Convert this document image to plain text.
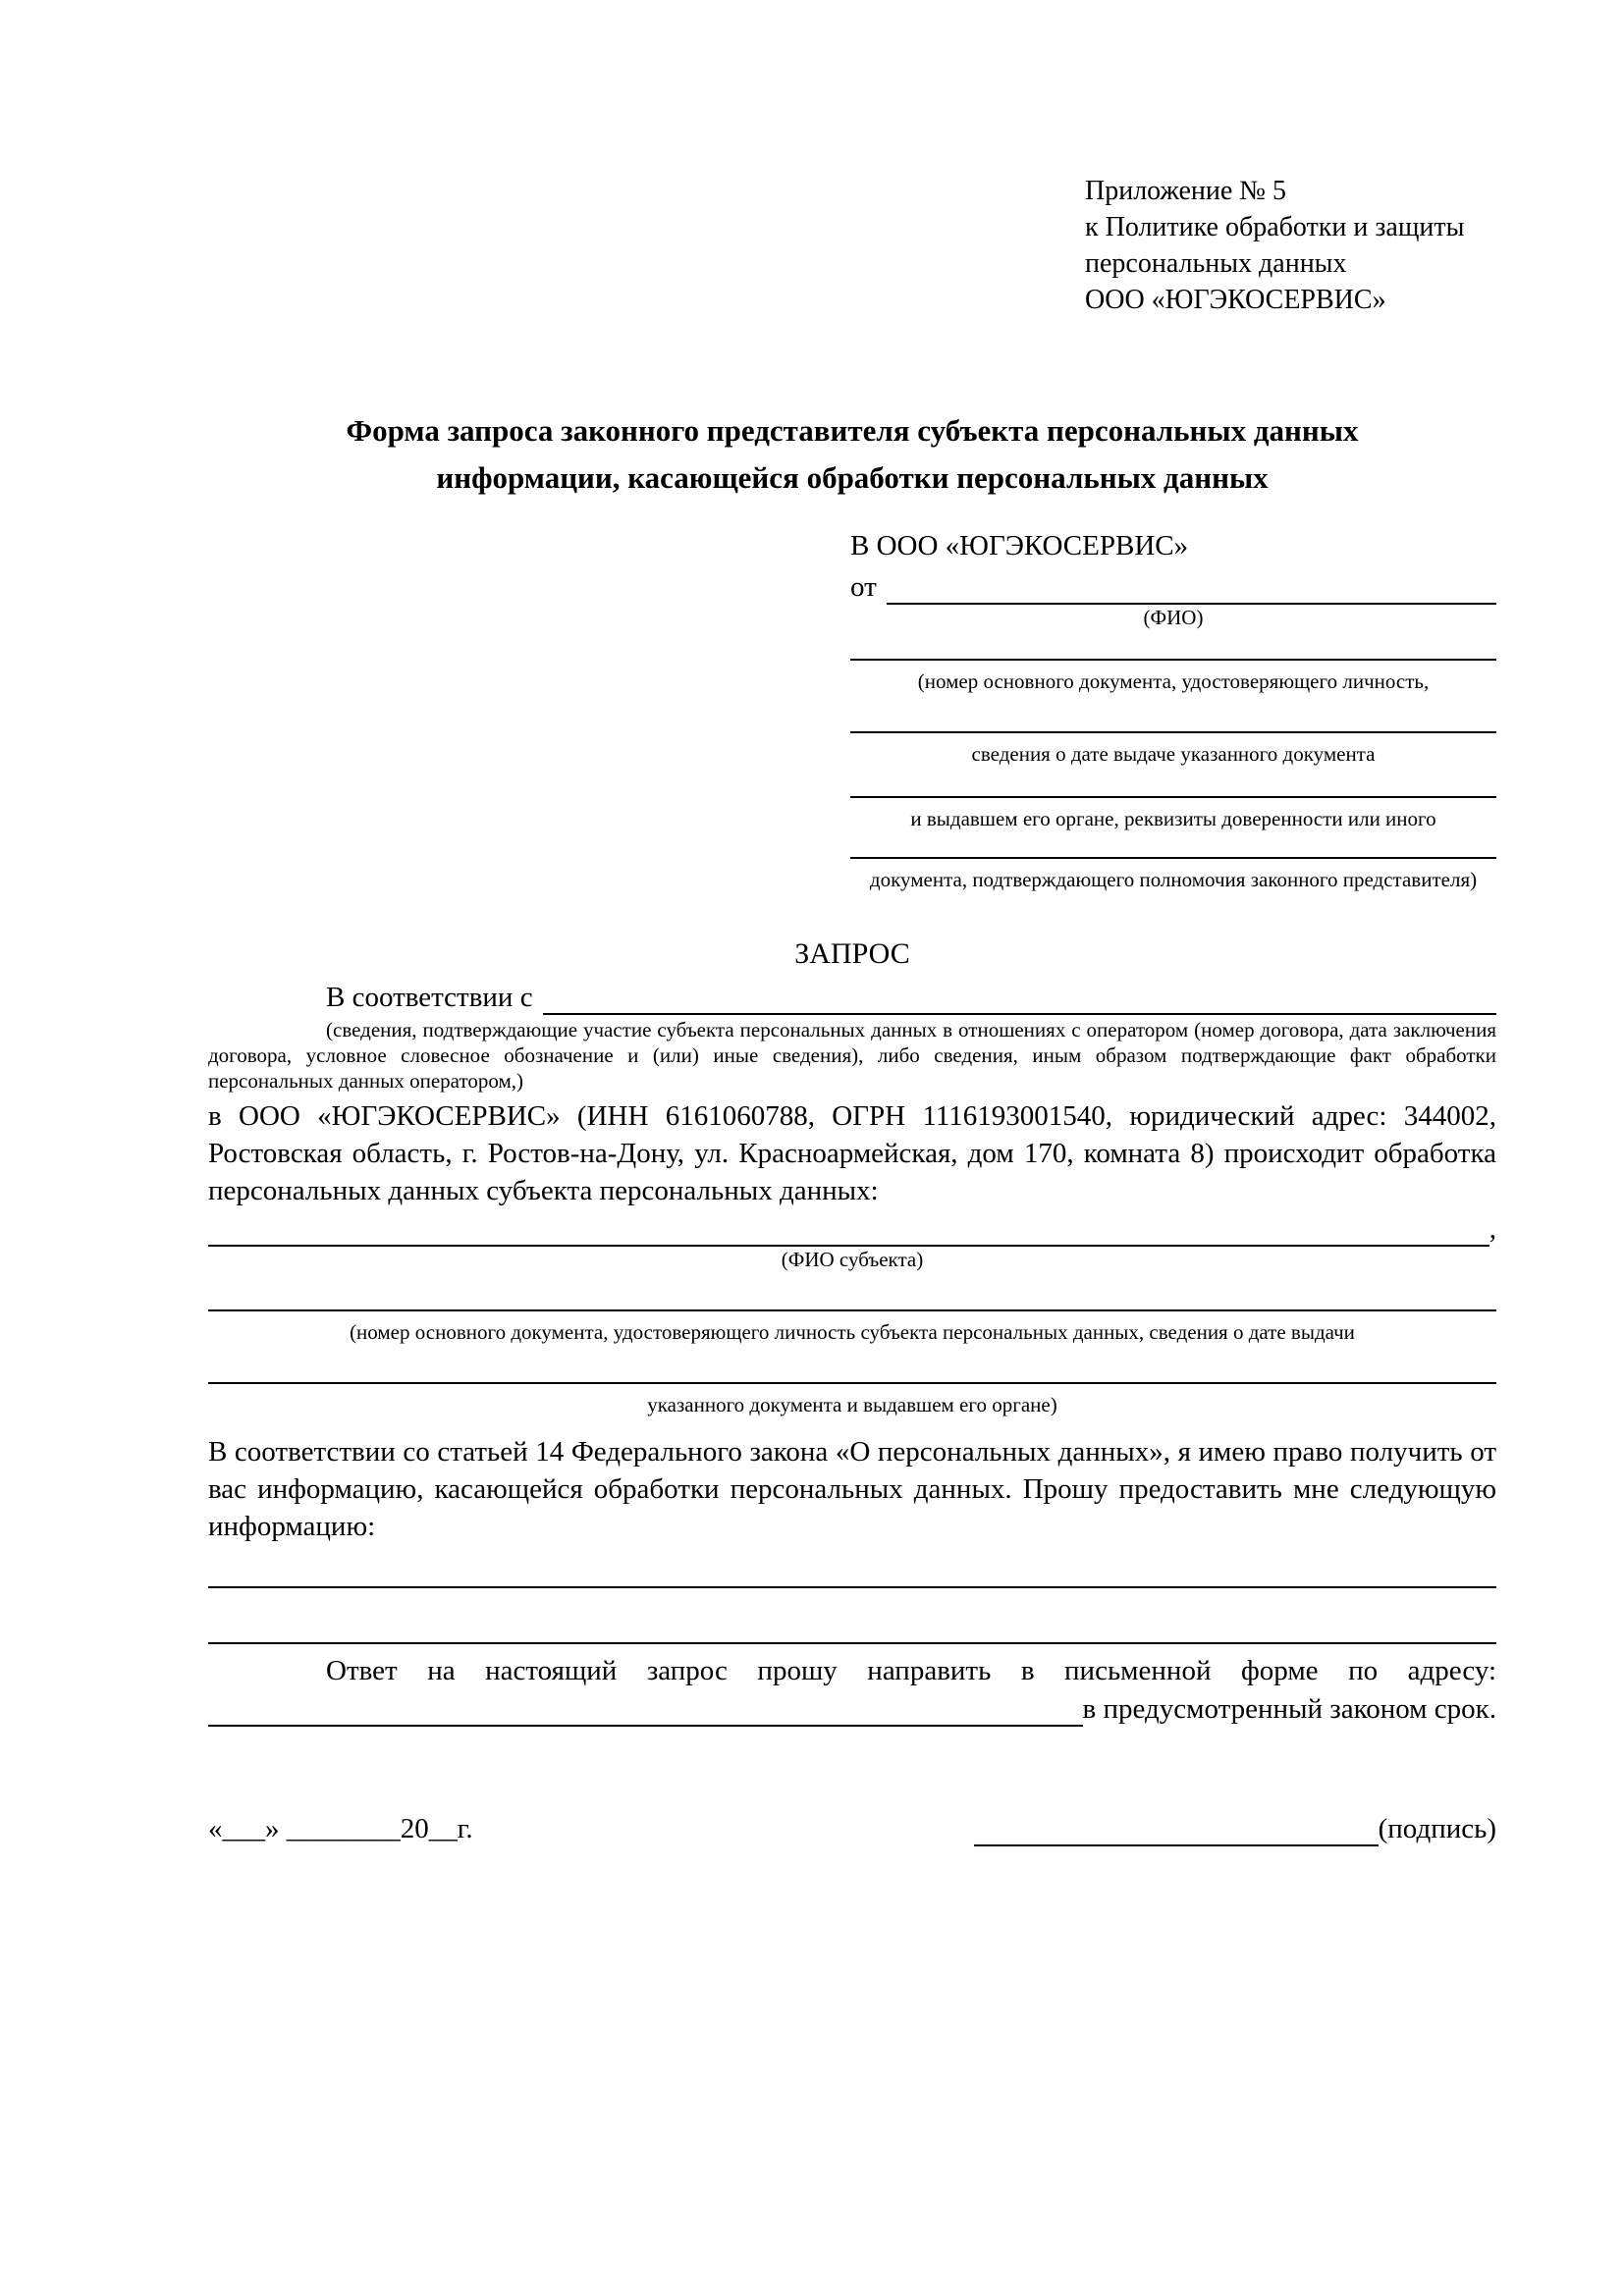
Приложение № 5
к Политике обработки и защиты
персональных данных
ООО «ЮГЭКОСЕРВИС»
Форма запроса законного представителя субъекта персональных данных
информации, касающейся обработки персональных данных
В ООО «ЮГЭКОСЕРВИС»
от
(ФИО)
(номер основного документа, удостоверяющего личность,
сведения о дате выдаче указанного документа
и выдавшем его органе, реквизиты доверенности или иного
документа, подтверждающего полномочия законного представителя)
ЗАПРОС
В соответствии с
(сведения, подтверждающие участие субъекта персональных данных в отношениях с оператором (номер договора, дата заключения договора, условное словесное обозначение и (или) иные сведения), либо сведения, иным образом подтверждающие факт обработки персональных данных оператором,)

в ООО «ЮГЭКОСЕРВИС» (ИНН 6161060788, ОГРН 1116193001540, юридический адрес: 344002, Ростовская область, г. Ростов-на-Дону, ул. Красноармейская, дом 170, комната 8) происходит обработка персональных данных субъекта персональных данных:

,
(ФИО субъекта)
(номер основного документа, удостоверяющего личность субъекта персональных данных, сведения о дате выдачи
указанного документа и выдавшем его органе)

В соответствии со статьей 14 Федерального закона «О персональных данных», я имею право получить от вас информацию, касающейся обработки персональных данных. Прошу предоставить мне следующую информацию:

Ответ на настоящий запрос прошу направить в письменной форме по адресу:

в предусмотренный законом срок.
«___» ________20__г.	(подпись)
